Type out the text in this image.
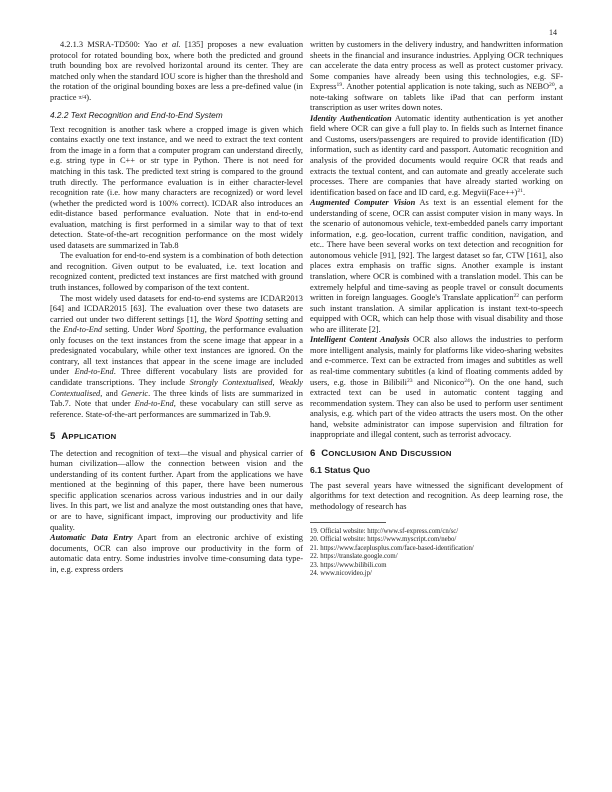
14

4.2.1.3 MSRA-TD500: Yao et al. [135] proposes a new evaluation protocol for rotated bounding box, where both the predicted and ground truth bounding box are revolved horizontal around its center. They are matched only when the standard IOU score is higher than the threshold and the rotation of the original bounding boxes are less a pre-defined value (in practice π/4).

4.2.2 Text Recognition and End-to-End System

Text recognition is another task where a cropped image is given which contains exactly one text instance, and we need to extract the text content from the image in a form that a computer program can understand directly, e.g. string type in C++ or str type in Python. There is not need for matching in this task. The predicted text string is compared to the ground truth directly. The performance evaluation is in either character-level recognition rate (i.e. how many characters are recognized) or word level (whether the predicted word is 100% correct). ICDAR also introduces an edit-distance based performance evaluation. Note that in end-to-end evaluation, matching is first performed in a similar way to that of text detection. State-of-the-art recognition performance on the most widely used datasets are summarized in Tab.8

The evaluation for end-to-end system is a combination of both detection and recognition. Given output to be evaluated, i.e. text location and recognized content, predicted text instances are first matched with ground truth instances, followed by comparison of the text content.

The most widely used datasets for end-to-end systems are ICDAR2013 [64] and ICDAR2015 [63]. The evaluation over these two datasets are carried out under two different settings [1], the Word Spotting setting and the End-to-End setting. Under Word Spotting, the performance evaluation only focuses on the text instances from the scene image that appear in a predesignated vocabulary, while other text instances are ignored. On the contrary, all text instances that appear in the scene image are included under End-to-End. Three different vocabulary lists are provided for candidate transcriptions. They include Strongly Contextualised, Weakly Contextualised, and Generic. The three kinds of lists are summarized in Tab.7. Note that under End-to-End, these vocabulary can still serve as reference. State-of-the-art performances are summarized in Tab.9.

5 APPLICATION

The detection and recognition of text—the visual and physical carrier of human civilization—allow the connection between vision and the understanding of its content further. Apart from the applications we have mentioned at the beginning of this paper, there have been numerous specific application scenarios across various industries and in our daily lives. In this part, we list and analyze the most outstanding ones that have, or are to have, significant impact, improving our productivity and life quality.

Automatic Data Entry Apart from an electronic archive of existing documents, OCR can also improve our productivity in the form of automatic data entry. Some industries involve time-consuming data type-in, e.g. express orders

written by customers in the delivery industry, and handwritten information sheets in the financial and insurance industries. Applying OCR techniques can accelerate the data entry process as well as protect customer privacy. Some companies have already been using this technologies, e.g. SF-Express$^{19}$. Another potential application is note taking, such as NEBO$^{20}$, a note-taking software on tablets like iPad that can perform instant transcription as user writes down notes.

Identity Authentication Automatic identity authentication is yet another field where OCR can give a full play to. In fields such as Internet finance and Customs, users/passengers are required to provide identification (ID) information, such as identity card and passport. Automatic recognition and analysis of the provided documents would require OCR that reads and extracts the textual content, and can automate and greatly accelerate such processes. There are companies that have already started working on identification based on face and ID card, e.g. Megvii(Face++)$^{21}$.

Augmented Computer Vision As text is an essential element for the understanding of scene, OCR can assist computer vision in many ways. In the scenario of autonomous vehicle, text-embedded panels carry important information, e.g. geo-location, current traffic condition, navigation, and etc.. There have been several works on text detection and recognition for autonomous vehicle [91], [92]. The largest dataset so far, CTW [161], also places extra emphasis on traffic signs. Another example is instant translation, where OCR is combined with a translation model. This can be extremely helpful and time-saving as people travel or consult documents written in foreign languages. Google's Translate application$^{22}$ can perform such instant translation. A similar application is instant text-to-speech equipped with OCR, which can help those with visual disability and those who are illiterate [2].

Intelligent Content Analysis OCR also allows the industries to perform more intelligent analysis, mainly for platforms like video-sharing websites and e-commerce. Text can be extracted from images and subtitles as well as real-time commentary subtitles (a kind of floating comments added by users, e.g. those in Bilibili$^{23}$ and Niconico$^{24}$). On the one hand, such extracted text can be used in automatic content tagging and recommendation system. They can also be used to perform user sentiment analysis, e.g. which part of the video attracts the users most. On the other hand, website administrator can impose supervision and filtration for inappropriate and illegal content, such as terrorist advocacy.

6 CONCLUSION AND DISCUSSION
6.1 Status Quo

The past several years have witnessed the significant development of algorithms for text detection and recognition. As deep learning rose, the methodology of research has

19. Official website: http://www.sf-express.com/cn/sc/
20. Official website: https://www.myscript.com/nebo/
21. https://www.faceplusplus.com/face-based-identification/
22. https://translate.google.com/
23. https://www.bilibili.com
24. www.nicovideo.jp/
